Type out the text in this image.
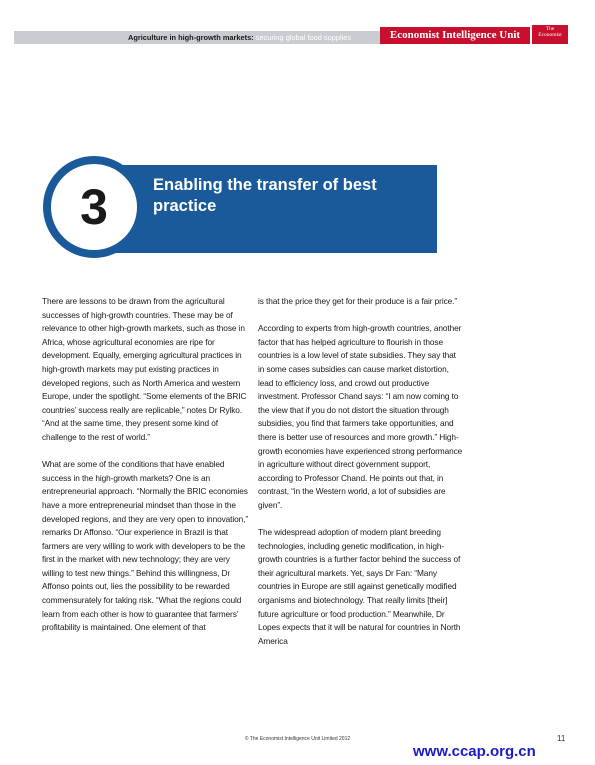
Agriculture in high-growth markets: securing global food supplies	Economist Intelligence Unit	The
Economist
Enabling the transfer of best practice
3

There are lessons to be drawn from the agricultural successes of high-growth countries. These may be of relevance to other high-growth markets, such as those in Africa, whose agricultural economies are ripe for development. Equally, emerging agricultural practices in high-growth markets may put existing practices in developed regions, such as North America and western Europe, under the spotlight. “Some elements of the BRIC countries’ success really are replicable,” notes Dr Rylko. “And at the same time, they present some kind of challenge to the rest of world.”

What are some of the conditions that have enabled success in the high-growth markets? One is an entrepreneurial approach. “Normally the BRIC economies have a more entrepreneurial mindset than those in the developed regions, and they are very open to innovation,” remarks Dr Affonso. “Our experience in Brazil is that farmers are very willing to work with developers to be the first in the market with new technology; they are very willing to test new things.” Behind this willingness, Dr Affonso points out, lies the possibility to be rewarded commensurately for taking risk. “What the regions could learn from each other is how to guarantee that farmers’ profitability is maintained. One element of that

is that the price they get for their produce is a fair price.”

According to experts from high-growth countries, another factor that has helped agriculture to flourish in those countries is a low level of state subsidies. They say that in some cases subsidies can cause market distortion, lead to efficiency loss, and crowd out productive investment. Professor Chand says: “I am now coming to the view that if you do not distort the situation through subsidies, you find that farmers take opportunities, and there is better use of resources and more growth.” High-growth economies have experienced strong performance in agriculture without direct government support, according to Professor Chand. He points out that, in contrast, “in the Western world, a lot of subsidies are given”.

The widespread adoption of modern plant breeding technologies, including genetic modification, in high-growth countries is a further factor behind the success of their agricultural markets. Yet, says Dr Fan: “Many countries in Europe are still against genetically modified organisms and biotechnology. That really limits [their] future agriculture or food production.” Meanwhile, Dr Lopes expects that it will be natural for countries in North America

© The Economist Intelligence Unit Limited 2012	11
www.ccap.org.cn
